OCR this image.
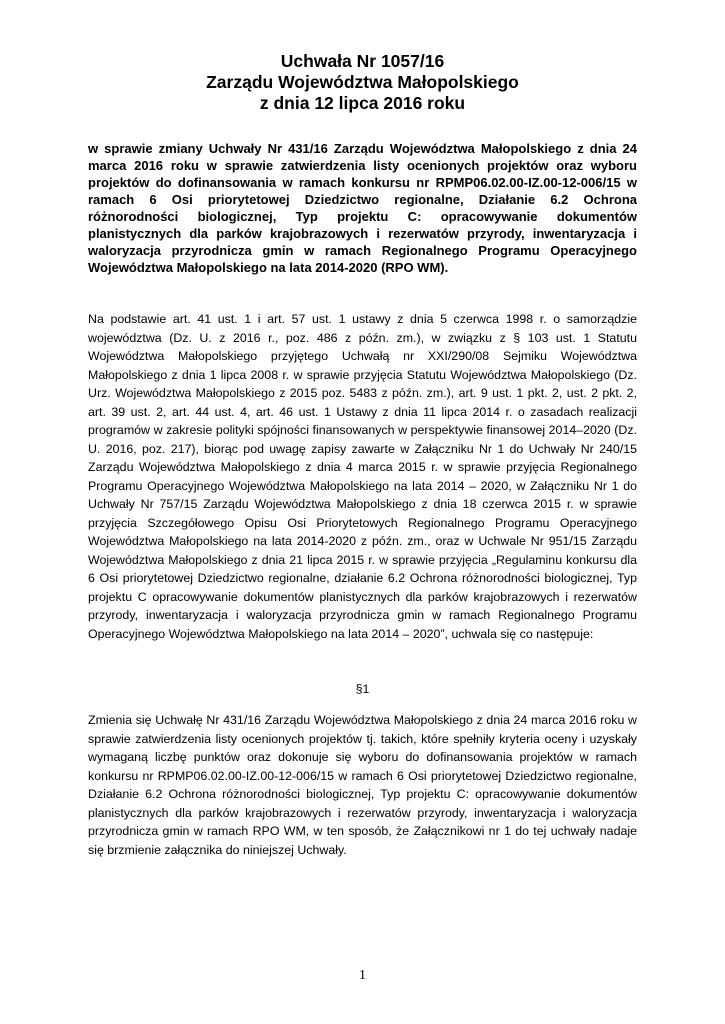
Uchwała Nr 1057/16
Zarządu Województwa Małopolskiego
z dnia 12 lipca 2016 roku

w sprawie zmiany Uchwały Nr 431/16 Zarządu Województwa Małopolskiego z dnia 24 marca 2016 roku w sprawie zatwierdzenia listy ocenionych projektów oraz wyboru projektów do dofinansowania w ramach konkursu nr RPMP06.02.00-IZ.00-12-006/15 w ramach 6 Osi priorytetowej Dziedzictwo regionalne, Działanie 6.2 Ochrona różnorodności biologicznej, Typ projektu C: opracowywanie dokumentów planistycznych dla parków krajobrazowych i rezerwatów przyrody, inwentaryzacja i waloryzacja przyrodnicza gmin w ramach Regionalnego Programu Operacyjnego Województwa Małopolskiego na lata 2014-2020 (RPO WM).

Na podstawie art. 41 ust. 1 i art. 57 ust. 1 ustawy z dnia 5 czerwca 1998 r. o samorządzie województwa (Dz. U. z 2016 r., poz. 486 z późn. zm.), w związku z § 103 ust. 1 Statutu Województwa Małopolskiego przyjętego Uchwałą nr XXI/290/08 Sejmiku Województwa Małopolskiego z dnia 1 lipca 2008 r. w sprawie przyjęcia Statutu Województwa Małopolskiego (Dz. Urz. Województwa Małopolskiego z 2015 poz. 5483 z późn. zm.), art. 9 ust. 1 pkt. 2, ust. 2 pkt. 2, art. 39 ust. 2, art. 44 ust. 4, art. 46 ust. 1 Ustawy z dnia 11 lipca 2014 r. o zasadach realizacji programów w zakresie polityki spójności finansowanych w perspektywie finansowej 2014–2020 (Dz. U. 2016, poz. 217), biorąc pod uwagę zapisy zawarte w Załączniku Nr 1 do Uchwały Nr 240/15 Zarządu Województwa Małopolskiego z dnia 4 marca 2015 r. w sprawie przyjęcia Regionalnego Programu Operacyjnego Województwa Małopolskiego na lata 2014 – 2020, w Załączniku Nr 1 do Uchwały Nr 757/15 Zarządu Województwa Małopolskiego z dnia 18 czerwca 2015 r. w sprawie przyjęcia Szczegółowego Opisu Osi Priorytetowych Regionalnego Programu Operacyjnego Województwa Małopolskiego na lata 2014-2020 z późn. zm., oraz w Uchwale Nr 951/15 Zarządu Województwa Małopolskiego z dnia 21 lipca 2015 r. w sprawie przyjęcia „Regulaminu konkursu dla 6 Osi priorytetowej Dziedzictwo regionalne, działanie 6.2 Ochrona różnorodności biologicznej, Typ projektu C opracowywanie dokumentów planistycznych dla parków krajobrazowych i rezerwatów przyrody, inwentaryzacja i waloryzacja przyrodnicza gmin w ramach Regionalnego Programu Operacyjnego Województwa Małopolskiego na lata 2014 – 2020”, uchwala się co następuje:

§1

Zmienia się Uchwałę Nr 431/16 Zarządu Województwa Małopolskiego z dnia 24 marca 2016 roku w sprawie zatwierdzenia listy ocenionych projektów tj. takich, które spełniły kryteria oceny i uzyskały wymaganą liczbę punktów oraz dokonuje się wyboru do dofinansowania projektów w ramach konkursu nr RPMP06.02.00-IZ.00-12-006/15 w ramach 6 Osi priorytetowej Dziedzictwo regionalne, Działanie 6.2 Ochrona różnorodności biologicznej, Typ projektu C: opracowywanie dokumentów planistycznych dla parków krajobrazowych i rezerwatów przyrody, inwentaryzacja i waloryzacja przyrodnicza gmin w ramach RPO WM, w ten sposób, że Załącznikowi nr 1 do tej uchwały nadaje się brzmienie załącznika do niniejszej Uchwały.

1
